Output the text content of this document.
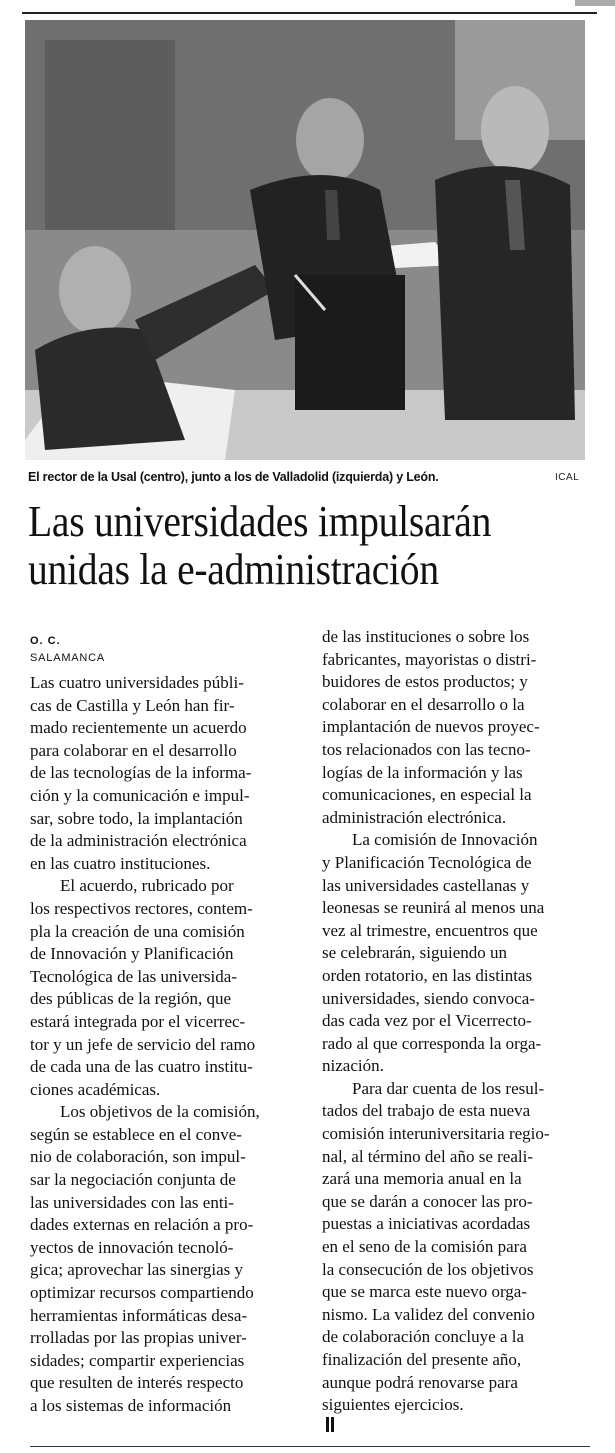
El rector de la Usal (centro), junto a los de Valladolid (izquierda) y León.	ICAL
Las universidades impulsarán
unidas la e-administración
O. C.
SALAMANCA

Las cuatro universidades públi-
cas de Castilla y León han fir-
mado recientemente un acuerdo
para colaborar en el desarrollo
de las tecnologías de la informa-
ción y la comunicación e impul-
sar, sobre todo, la implantación
de la administración electrónica
en las cuatro instituciones.

El acuerdo, rubricado por
los respectivos rectores, contem-
pla la creación de una comisión
de Innovación y Planificación
Tecnológica de las universida-
des públicas de la región, que
estará integrada por el vicerrec-
tor y un jefe de servicio del ramo
de cada una de las cuatro institu-
ciones académicas.

Los objetivos de la comisión,
según se establece en el conve-
nio de colaboración, son impul-
sar la negociación conjunta de
las universidades con las enti-
dades externas en relación a pro-
yectos de innovación tecnoló-
gica; aprovechar las sinergias y
optimizar recursos compartiendo
herramientas informáticas desa-
rrolladas por las propias univer-
sidades; compartir experiencias
que resulten de interés respecto
a los sistemas de información

de las instituciones o sobre los
fabricantes, mayoristas o distri-
buidores de estos productos; y
colaborar en el desarrollo o la
implantación de nuevos proyec-
tos relacionados con las tecno-
logías de la información y las
comunicaciones, en especial la
administración electrónica.

La comisión de Innovación
y Planificación Tecnológica de
las universidades castellanas y
leonesas se reunirá al menos una
vez al trimestre, encuentros que
se celebrarán, siguiendo un
orden rotatorio, en las distintas
universidades, siendo convoca-
das cada vez por el Vicerrecto-
rado al que corresponda la orga-
nización.

Para dar cuenta de los resul-
tados del trabajo de esta nueva
comisión interuniversitaria regio-
nal, al término del año se reali-
zará una memoria anual en la
que se darán a conocer las pro-
puestas a iniciativas acordadas
en el seno de la comisión para
la consecución de los objetivos
que se marca este nuevo orga-
nismo. La validez del convenio
de colaboración concluye a la
finalización del presente año,
aunque podrá renovarse para
siguientes ejercicios.
